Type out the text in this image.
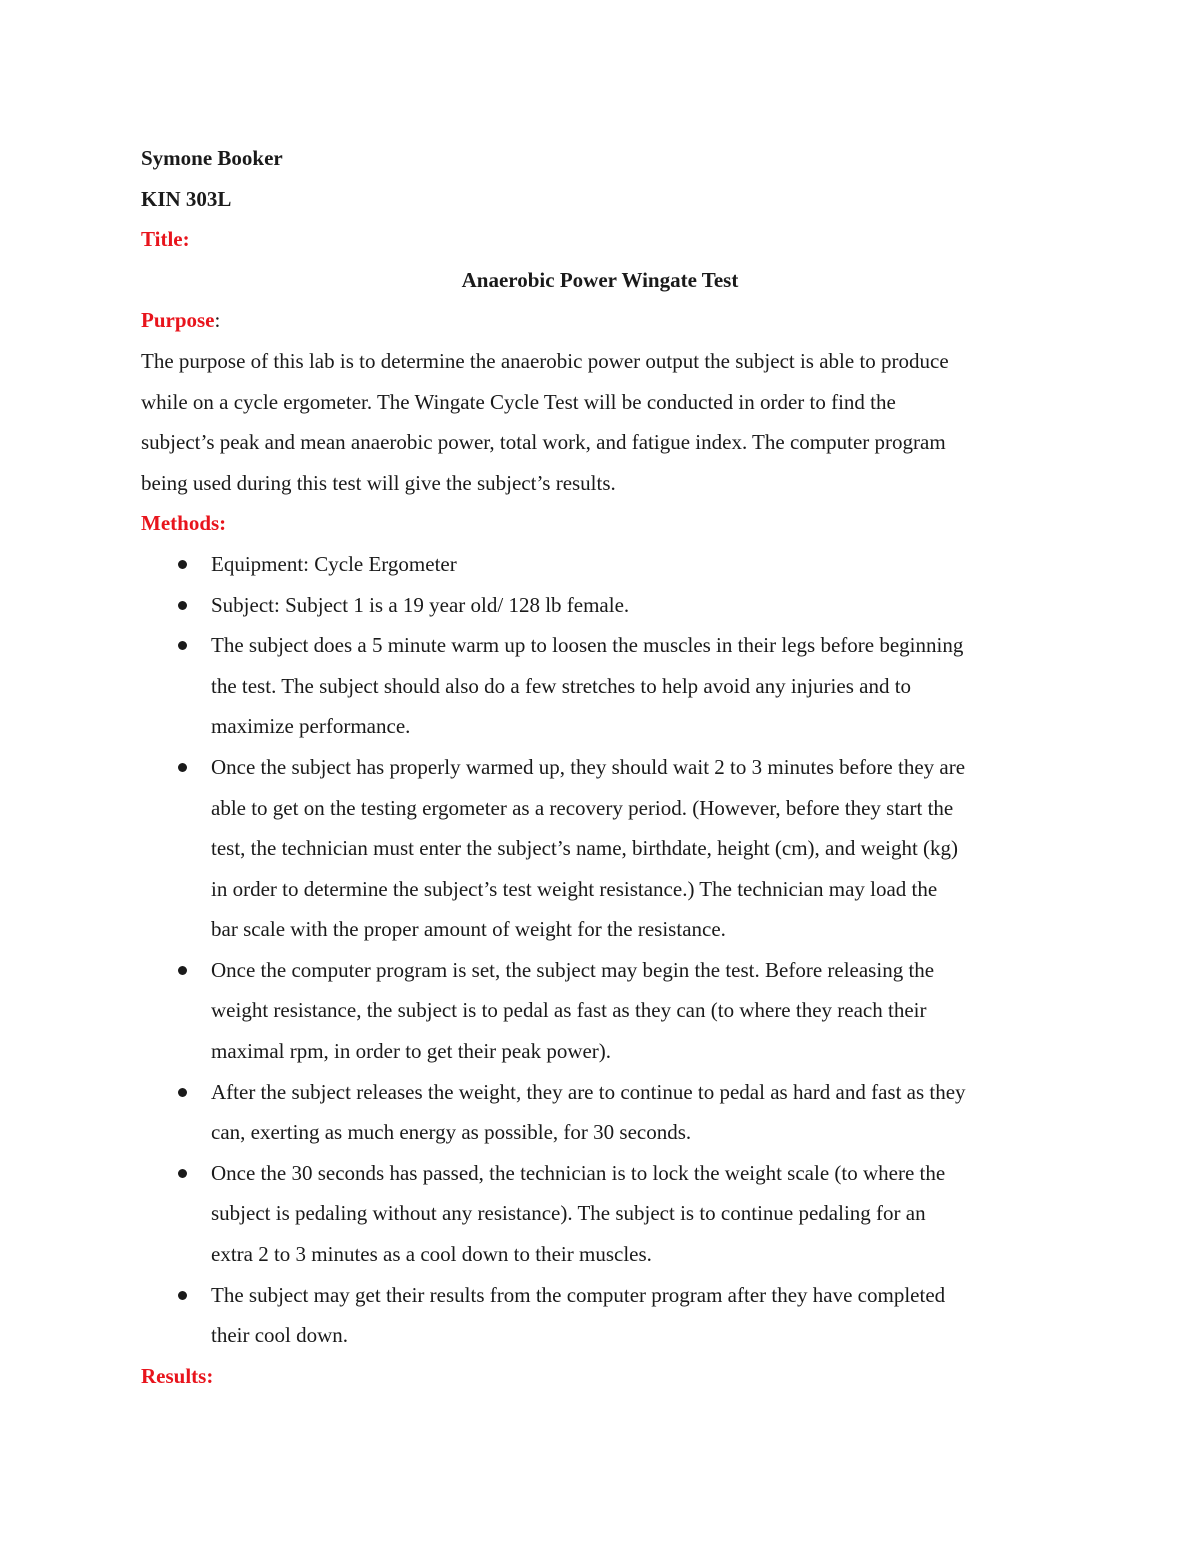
Symone Booker
KIN 303L
Title:
Anaerobic Power Wingate Test
Purpose:
The purpose of this lab is to determine the anaerobic power output the subject is able to produce
while on a cycle ergometer. The Wingate Cycle Test will be conducted in order to find the
subject’s peak and mean anaerobic power, total work, and fatigue index. The computer program
being used during this test will give the subject’s results.
Methods:
Equipment: Cycle Ergometer
Subject: Subject 1 is a 19 year old/ 128 lb female.
The subject does a 5 minute warm up to loosen the muscles in their legs before beginning
the test. The subject should also do a few stretches to help avoid any injuries and to
maximize performance.
Once the subject has properly warmed up, they should wait 2 to 3 minutes before they are
able to get on the testing ergometer as a recovery period. (However, before they start the
test, the technician must enter the subject’s name, birthdate, height (cm), and weight (kg)
in order to determine the subject’s test weight resistance.) The technician may load the
bar scale with the proper amount of weight for the resistance.
Once the computer program is set, the subject may begin the test. Before releasing the
weight resistance, the subject is to pedal as fast as they can (to where they reach their
maximal rpm, in order to get their peak power).
After the subject releases the weight, they are to continue to pedal as hard and fast as they
can, exerting as much energy as possible, for 30 seconds.
Once the 30 seconds has passed, the technician is to lock the weight scale (to where the
subject is pedaling without any resistance). The subject is to continue pedaling for an
extra 2 to 3 minutes as a cool down to their muscles.
The subject may get their results from the computer program after they have completed
their cool down.
Results:
